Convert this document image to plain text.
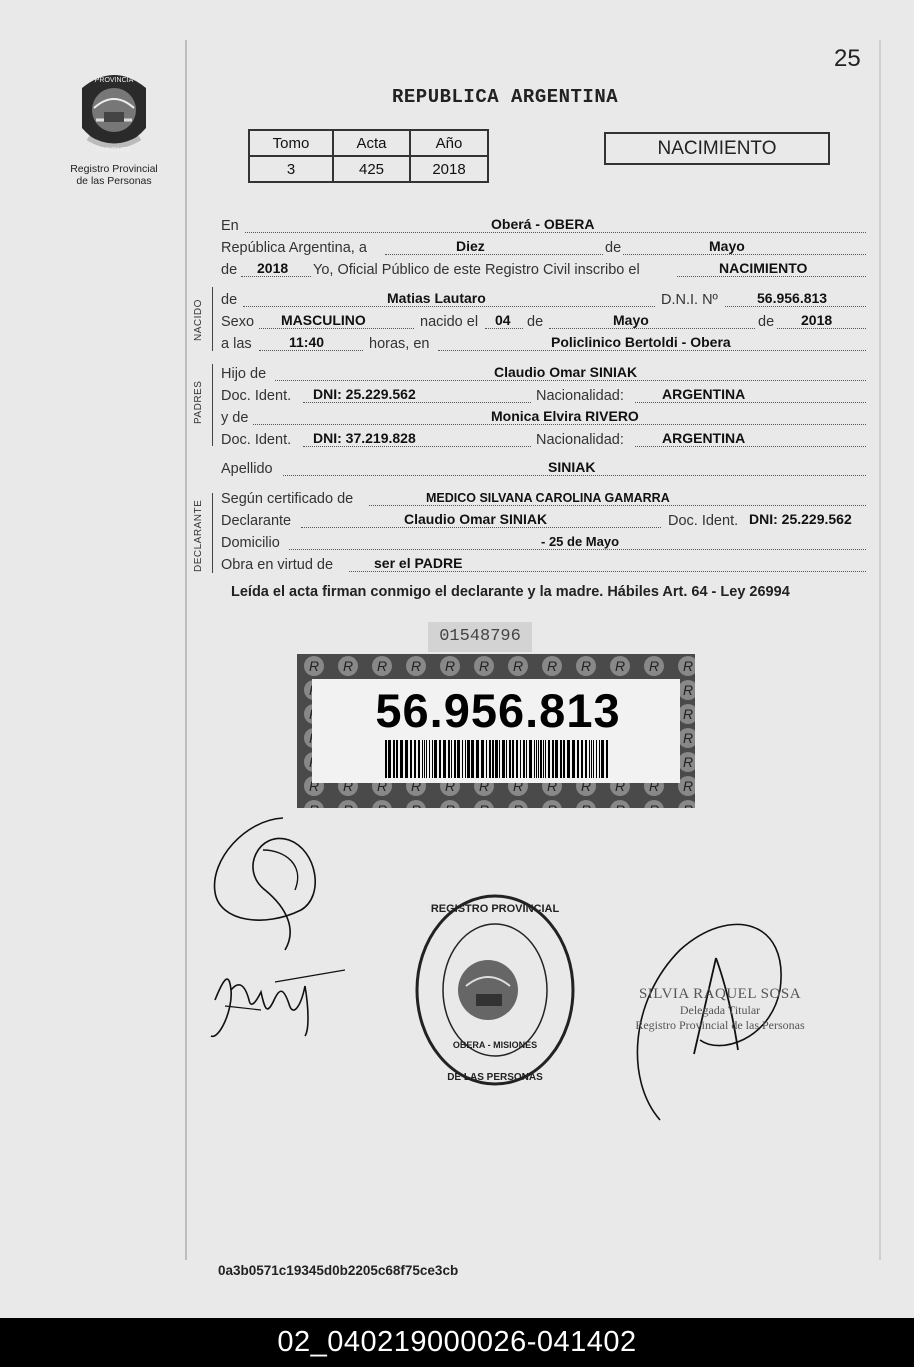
25
PROVINCIA
MISIONES
Registro Provincial
de las Personas
REPUBLICA ARGENTINA
Tomo	Acta	Año
3	425	2018
NACIMIENTO
En	Oberá - OBERA
República Argentina, a	Diez	de	Mayo
de 2018 Yo, Oficial Público de este Registro Civil inscribo el	NACIMIENTO
NACIDO de	Matias Lautaro	D.N.I. Nº	56.956.813
Sexo MASCULINO	nacido el 04 de	Mayo	de 2018
a las	11:40	horas, en	Policlinico Bertoldi - Obera
PADRES
Hijo de	Claudio Omar SINIAK
Doc. Ident. DNI: 25.229.562	Nacionalidad:	ARGENTINA
y de	Monica Elvira RIVERO
Doc. Ident. DNI: 37.219.828	Nacionalidad:	ARGENTINA
Apellido	SINIAK
DECLARANTE
Según certificado de	MEDICO SILVANA CAROLINA GAMARRA
Declarante	Claudio Omar SINIAK	Doc. Ident. DNI: 25.229.562
Domicilio	- 25 de Mayo
Obra en virtud de	ser el PADRE
Leída el acta firman conmigo el declarante y la madre. Hábiles Art. 64 - Ley 26994
01548796
56.956.813
REGISTRO PROVINCIAL
DE LAS PERSONAS
OBERA - MISIONES
SILVIA RAQUEL SOSA
Delegada Titular
Registro Provincial de las Personas
0a3b0571c19345d0b2205c68f75ce3cb
02_040219000026-041402
